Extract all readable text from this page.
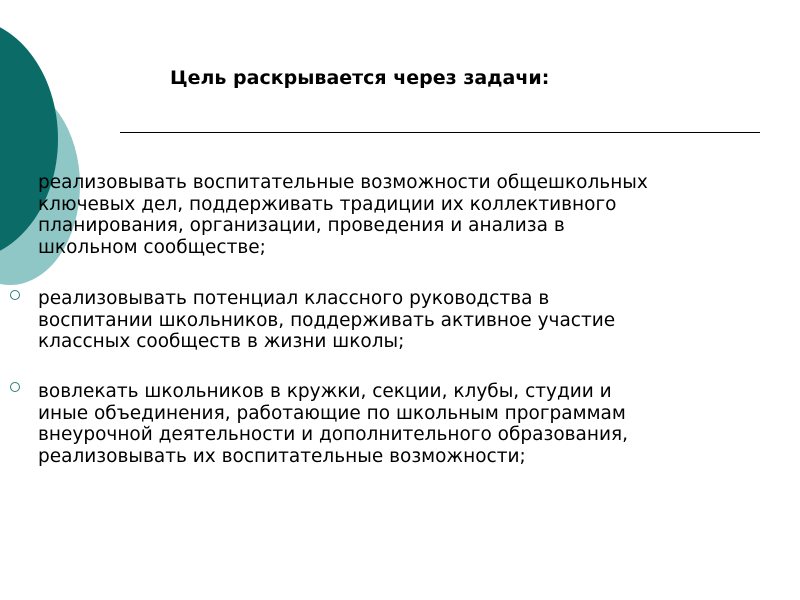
Цель раскрывается через задачи:

реализовывать воспитательные возможности общешкольных
ключевых дел, поддерживать традиции их коллективного
планирования, организации, проведения и анализа в
школьном сообществе;

реализовывать потенциал классного руководства в
воспитании школьников, поддерживать активное участие
классных сообществ в жизни школы;

вовлекать школьников в кружки, секции, клубы, студии и
иные объединения, работающие по школьным программам
внеурочной деятельности и дополнительного образования,
реализовывать их воспитательные возможности;
